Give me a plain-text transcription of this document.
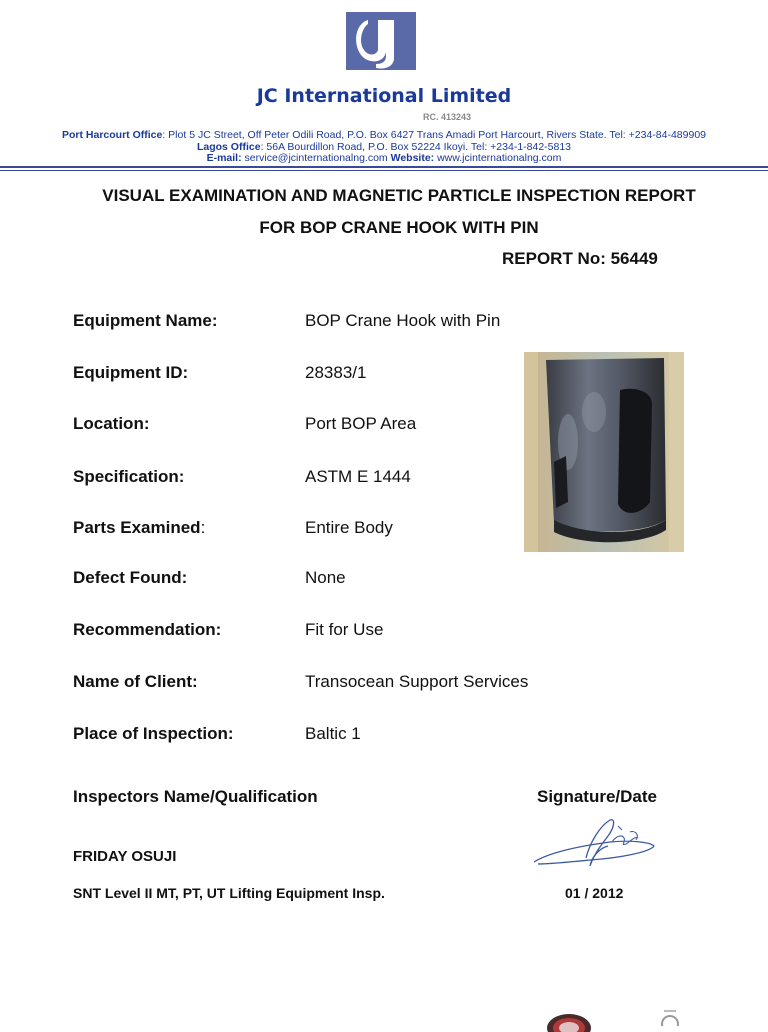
JC International Limited
RC. 413243
Port Harcourt Office: Plot 5 JC Street, Off Peter Odili Road, P.O. Box 6427 Trans Amadi Port Harcourt, Rivers State. Tel: +234-84-489909
Lagos Office: 56A Bourdillon Road, P.O. Box 52224 Ikoyi. Tel: +234-1-842-5813
E-mail: service@jcinternationalng.com Website: www.jcinternationalng.com
VISUAL EXAMINATION AND MAGNETIC PARTICLE INSPECTION REPORT
FOR BOP CRANE HOOK WITH PIN
REPORT No: 56449
Equipment Name:	BOP Crane Hook with Pin
Equipment ID:	28383/1
Location:	Port BOP Area
Specification:	ASTM E 1444
Parts Examined:	Entire Body
Defect Found:	None
Recommendation:	Fit for Use
Name of Client:	Transocean Support Services
Place of Inspection:	Baltic 1
Inspectors Name/Qualification	Signature/Date
FRIDAY OSUJI
SNT Level II MT, PT, UT Lifting Equipment Insp.	01 / 2012
